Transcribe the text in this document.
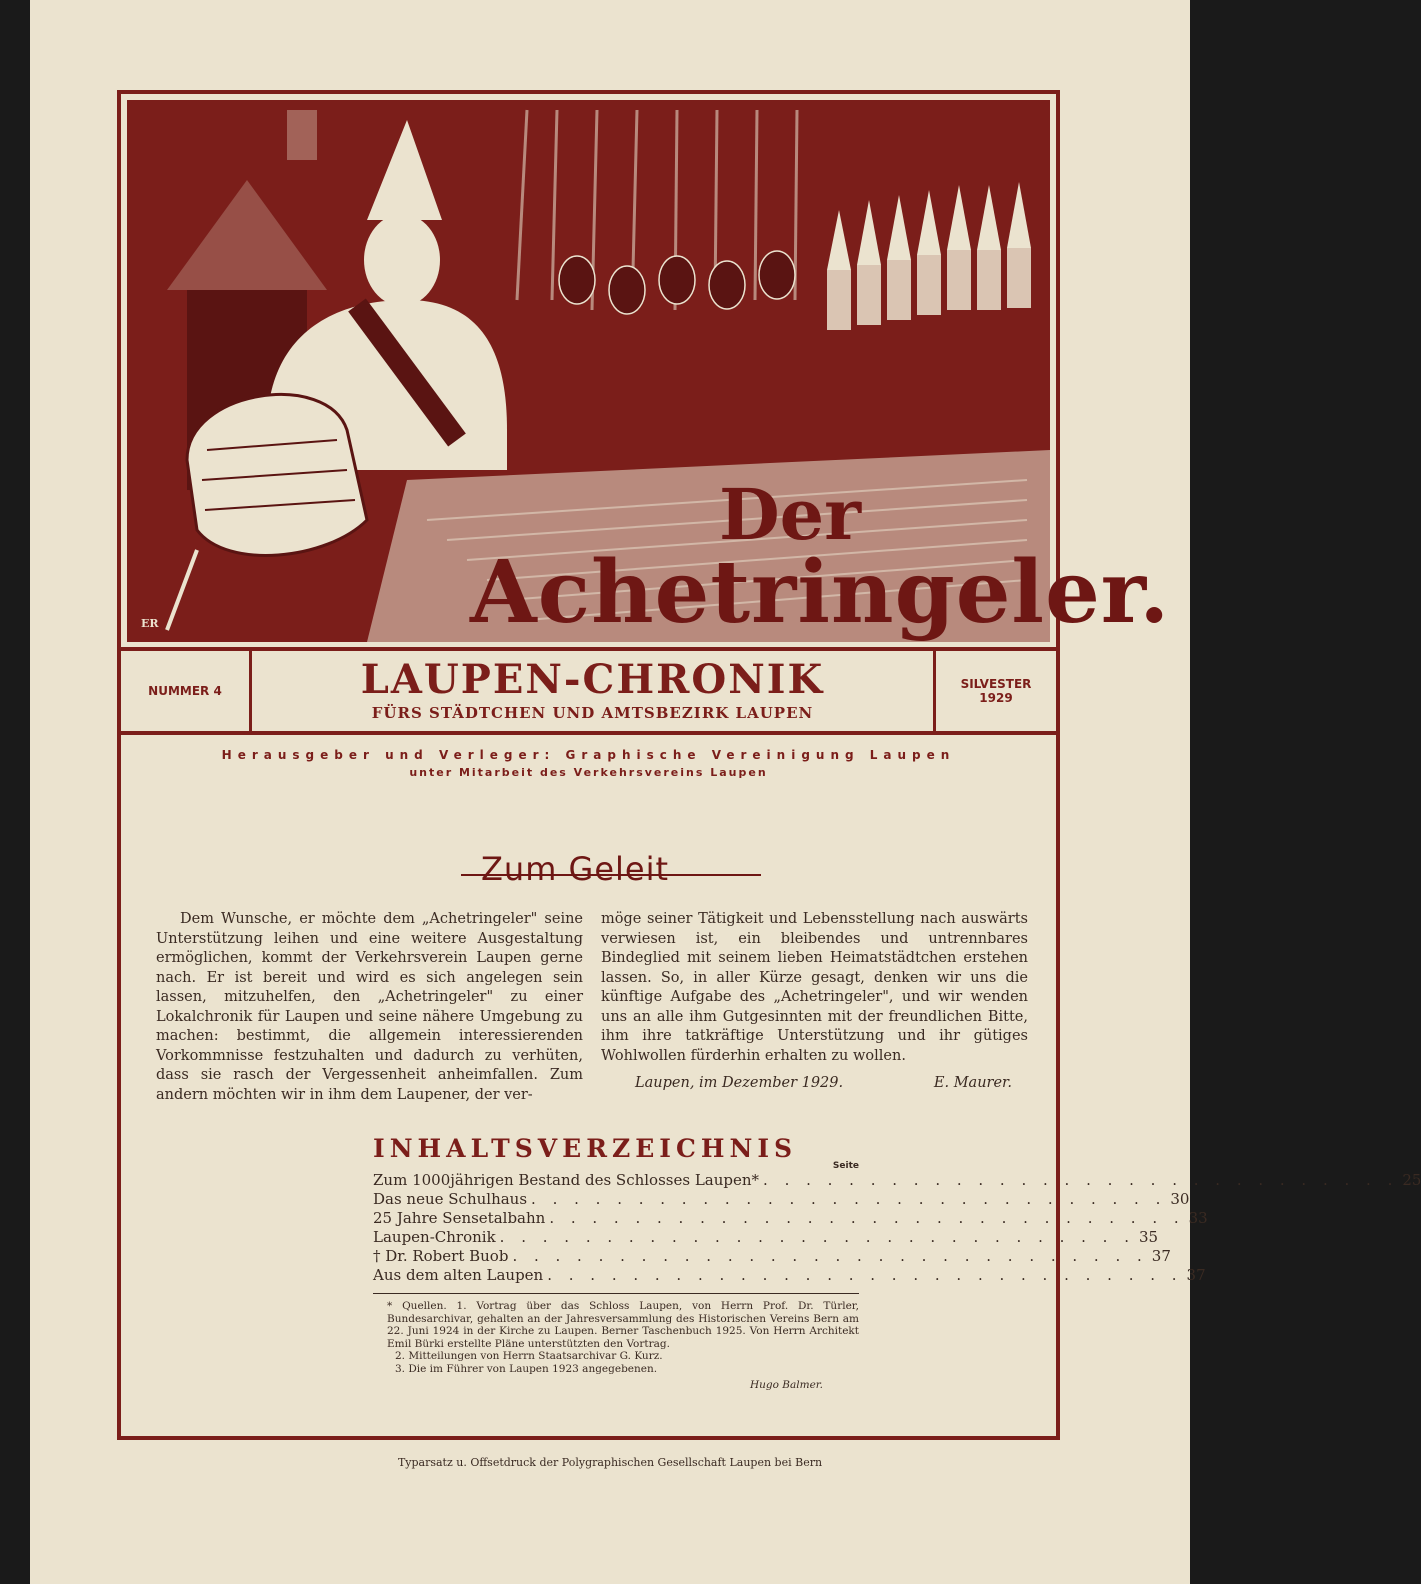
Der
Achetringeler.
ER
NUMMER 4	LAUPEN-CHRONIK
FÜRS STÄDTCHEN UND AMTSBEZIRK LAUPEN
SILVESTER
1929
Herausgeber und Verleger: Graphische Vereinigung Laupen
unter Mitarbeit des Verkehrsvereins Laupen
Zum Geleit

Dem Wunsche, er möchte dem „Achetringeler" seine Unterstützung leihen und eine weitere Ausgestaltung ermöglichen, kommt der Verkehrsverein Laupen gerne nach. Er ist bereit und wird es sich angelegen sein lassen, mitzuhelfen, den „Achetringeler" zu einer Lokalchronik für Laupen und seine nähere Umgebung zu machen: bestimmt, die allgemein interessierenden Vorkommnisse festzuhalten und dadurch zu verhüten, dass sie rasch der Vergessenheit anheimfallen. Zum andern möchten wir in ihm dem Laupener, der ver-

möge seiner Tätigkeit und Lebensstellung nach auswärts verwiesen ist, ein bleibendes und untrennbares Bindeglied mit seinem lieben Heimatstädtchen erstehen lassen. So, in aller Kürze gesagt, denken wir uns die künftige Aufgabe des „Achetringeler", und wir wenden uns an alle ihm Gutgesinnten mit der freundlichen Bitte, ihm ihre tatkräftige Unterstützung und ihr gütiges Wohlwollen fürderhin erhalten zu wollen.

Laupen, im Dezember 1929.	E. Maurer.
INHALTSVERZEICHNIS
Seite
Zum 1000jährigen Bestand des Schlosses Laupen* . . . . . . . . . . . . . . . . . . . . . . . . . . . . . . 25
Das neue Schulhaus . . . . . . . . . . . . . . . . . . . . . . . . . . . . . . 30
25 Jahre Sensetalbahn . . . . . . . . . . . . . . . . . . . . . . . . . . . . . . 33
Laupen-Chronik . . . . . . . . . . . . . . . . . . . . . . . . . . . . . . 35
† Dr. Robert Buob . . . . . . . . . . . . . . . . . . . . . . . . . . . . . . 37
Aus dem alten Laupen . . . . . . . . . . . . . . . . . . . . . . . . . . . . . . 37
* Quellen. 1. Vortrag über das Schloss Laupen, von Herrn Prof. Dr. Türler, Bundesarchivar, gehalten an der Jahresversammlung des Historischen Vereins Bern am 22. Juni 1924 in der Kirche zu Laupen. Berner Taschenbuch 1925. Von Herrn Architekt Emil Bürki erstellte Pläne unterstützten den Vortrag.
2. Mitteilungen von Herrn Staatsarchivar G. Kurz.
3. Die im Führer von Laupen 1923 angegebenen.
Hugo Balmer.
Typarsatz u. Offsetdruck der Polygraphischen Gesellschaft Laupen bei Bern
